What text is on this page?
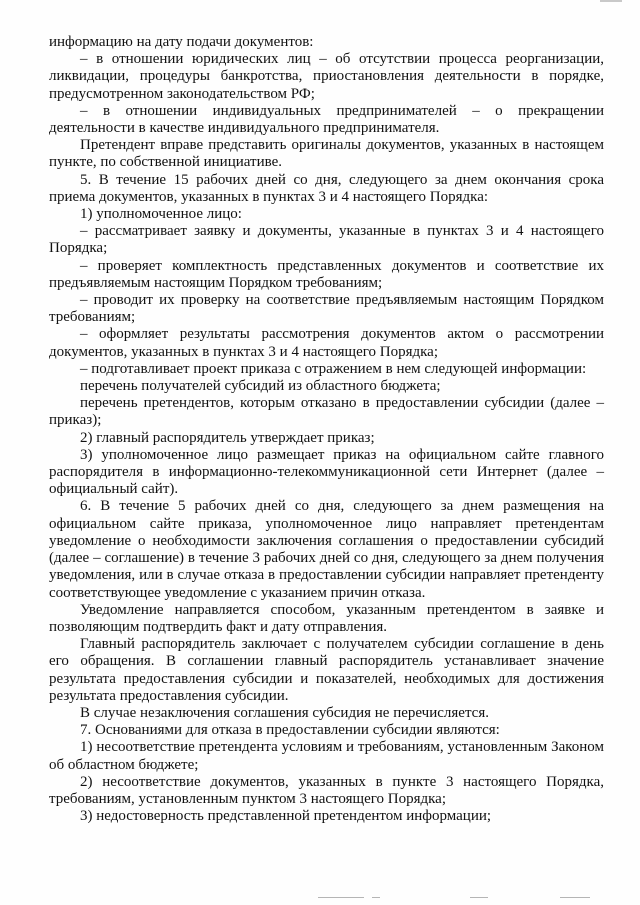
информацию на дату подачи документов:

– в отношении юридических лиц – об отсутствии процесса реорганизации, ликвидации, процедуры банкротства, приостановления деятельности в порядке, предусмотренном законодательством РФ;

– в отношении индивидуальных предпринимателей – о прекращении деятельности в качестве индивидуального предпринимателя.

Претендент вправе представить оригиналы документов, указанных в настоящем пункте, по собственной инициативе.

5. В течение 15 рабочих дней со дня, следующего за днем окончания срока приема документов, указанных в пунктах 3 и 4 настоящего Порядка:

1) уполномоченное лицо:

– рассматривает заявку и документы, указанные в пунктах 3 и 4 настоящего Порядка;

– проверяет комплектность представленных документов и соответствие их предъявляемым настоящим Порядком требованиям;

– проводит их проверку на соответствие предъявляемым настоящим Порядком требованиям;

– оформляет результаты рассмотрения документов актом о рассмотрении документов, указанных в пунктах 3 и 4 настоящего Порядка;

– подготавливает проект приказа с отражением в нем следующей информации:

перечень получателей субсидий из областного бюджета;

перечень претендентов, которым отказано в предоставлении субсидии (далее – приказ);

2) главный распорядитель утверждает приказ;

3) уполномоченное лицо размещает приказ на официальном сайте главного распорядителя в информационно-телекоммуникационной сети Интернет (далее – официальный сайт).

6. В течение 5 рабочих дней со дня, следующего за днем размещения на официальном сайте приказа, уполномоченное лицо направляет претендентам уведомление о необходимости заключения соглашения о предоставлении субсидий (далее – соглашение) в течение 3 рабочих дней со дня, следующего за днем получения уведомления, или в случае отказа в предоставлении субсидии направляет претенденту соответствующее уведомление с указанием причин отказа.

Уведомление направляется способом, указанным претендентом в заявке и позволяющим подтвердить факт и дату отправления.

Главный распорядитель заключает с получателем субсидии соглашение в день его обращения. В соглашении главный распорядитель устанавливает значение результата предоставления субсидии и показателей, необходимых для достижения результата предоставления субсидии.

В случае незаключения соглашения субсидия не перечисляется.

7. Основаниями для отказа в предоставлении субсидии являются:

1) несоответствие претендента условиям и требованиям, установленным Законом об областном бюджете;

2) несоответствие документов, указанных в пункте 3 настоящего Порядка, требованиям, установленным пунктом 3 настоящего Порядка;

3) недостоверность представленной претендентом информации;
